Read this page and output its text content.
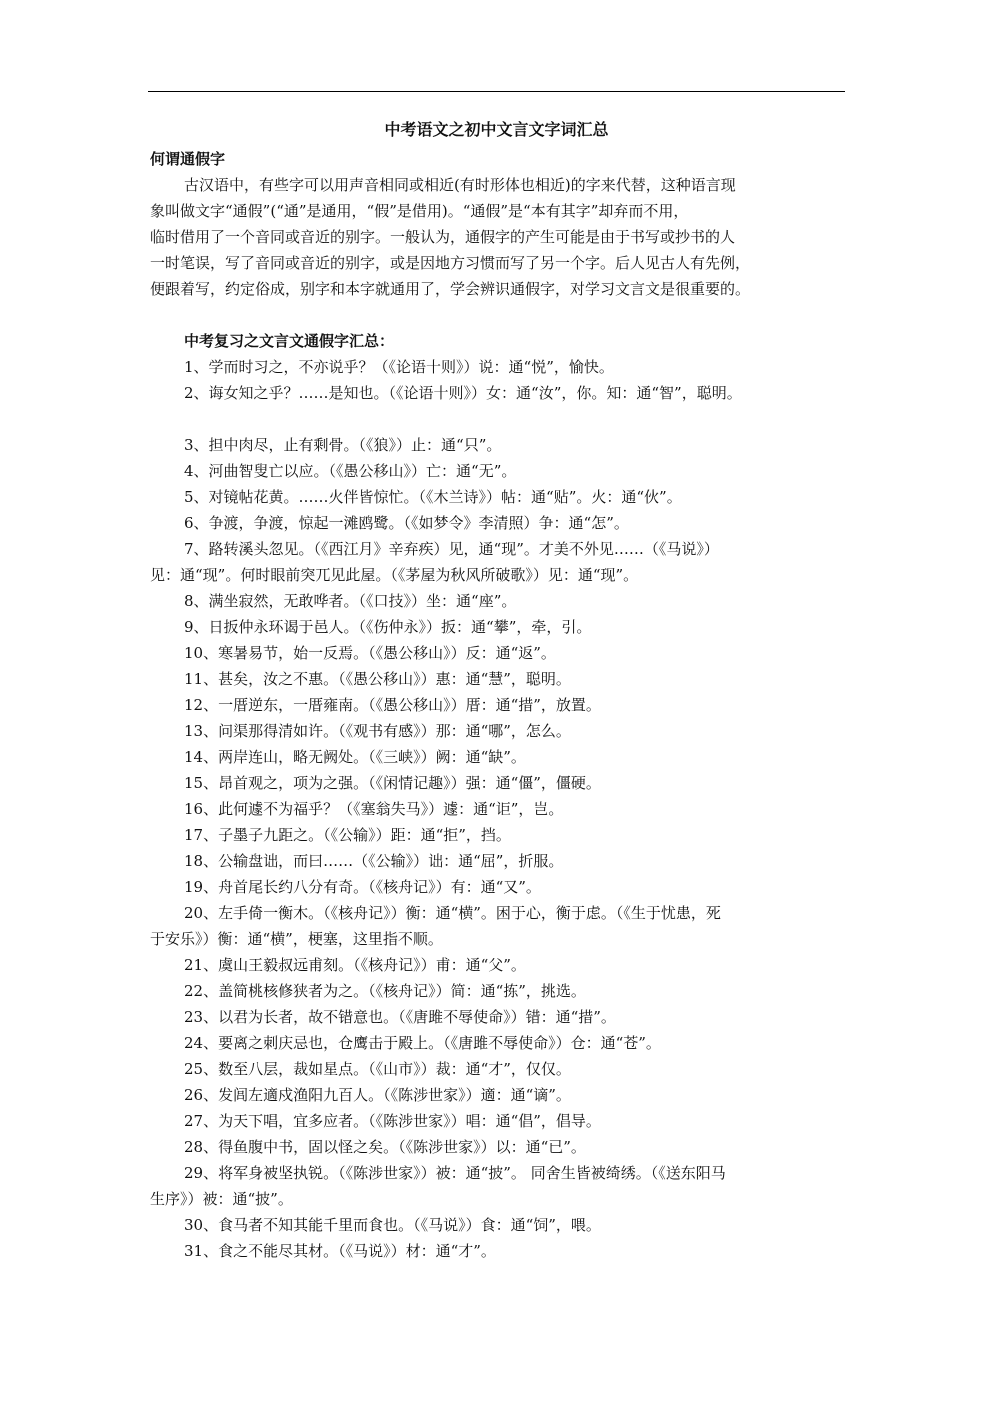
中考语文之初中文言文字词汇总

何谓通假字

古汉语中，有些字可以用声音相同或相近(有时形体也相近)的字来代替，这种语言现

象叫做文字“通假”(“通”是通用，“假”是借用)。“通假”是“本有其字”却弃而不用，

临时借用了一个音同或音近的别字。一般认为，通假字的产生可能是由于书写或抄书的人

一时笔误，写了音同或音近的别字，或是因地方习惯而写了另一个字。后人见古人有先例，

便跟着写，约定俗成，别字和本字就通用了，学会辨识通假字，对学习文言文是很重要的。

中考复习之文言文通假字汇总：

1、学而时习之，不亦说乎？（《论语十则》）说：通“悦”，愉快。

2、诲女知之乎？……是知也。（《论语十则》）女：通“汝”，你。知：通“智”，聪明。

3、担中肉尽，止有剩骨。（《狼》）止：通“只”。

4、河曲智叟亡以应。（《愚公移山》）亡：通“无”。

5、对镜帖花黄。……火伴皆惊忙。（《木兰诗》）帖：通“贴”。火：通“伙”。

6、争渡，争渡，惊起一滩鸥鹭。（《如梦令》李清照）争：通“怎”。

7、路转溪头忽见。（《西江月》辛弃疾）见，通“现”。才美不外见……（《马说》）

见：通“现”。何时眼前突兀见此屋。（《茅屋为秋风所破歌》）见：通“现”。

8、满坐寂然，无敢哗者。（《口技》）坐：通“座”。

9、日扳仲永环谒于邑人。（《伤仲永》）扳：通“攀”，牵，引。

10、寒暑易节，始一反焉。（《愚公移山》）反：通“返”。

11、甚矣，汝之不惠。（《愚公移山》）惠：通“慧”，聪明。

12、一厝逆东，一厝雍南。（《愚公移山》）厝：通“措”，放置。

13、问渠那得清如许。（《观书有感》）那：通“哪”，怎么。

14、两岸连山，略无阙处。（《三峡》）阙：通“缺”。

15、昂首观之，项为之强。（《闲情记趣》）强：通“僵”，僵硬。

16、此何遽不为福乎？（《塞翁失马》）遽：通“讵”，岂。

17、子墨子九距之。（《公输》）距：通“拒”，挡。

18、公输盘诎，而曰……（《公输》）诎：通“屈”，折服。

19、舟首尾长约八分有奇。（《核舟记》）有：通“又”。

20、左手倚一衡木。（《核舟记》）衡：通“横”。困于心，衡于虑。（《生于忧患，死

于安乐》）衡：通“横”，梗塞，这里指不顺。

21、虞山王毅叔远甫刻。（《核舟记》）甫：通“父”。

22、盖简桃核修狭者为之。（《核舟记》）简：通“拣”，挑选。

23、以君为长者，故不错意也。（《唐雎不辱使命》）错：通“措”。

24、要离之刺庆忌也，仓鹰击于殿上。（《唐雎不辱使命》）仓：通“苍”。

25、数至八层，裁如星点。（《山市》）裁：通“才”，仅仅。

26、发闾左適戍渔阳九百人。（《陈涉世家》）適：通“谪”。

27、为天下唱，宜多应者。（《陈涉世家》）唱：通“倡”，倡导。

28、得鱼腹中书，固以怪之矣。（《陈涉世家》）以：通“已”。

29、将军身被坚执锐。（《陈涉世家》）被：通“披”。 同舍生皆被绮绣。（《送东阳马

生序》）被：通“披”。

30、食马者不知其能千里而食也。（《马说》）食：通“饲”，喂。

31、食之不能尽其材。（《马说》）材：通“才”。
